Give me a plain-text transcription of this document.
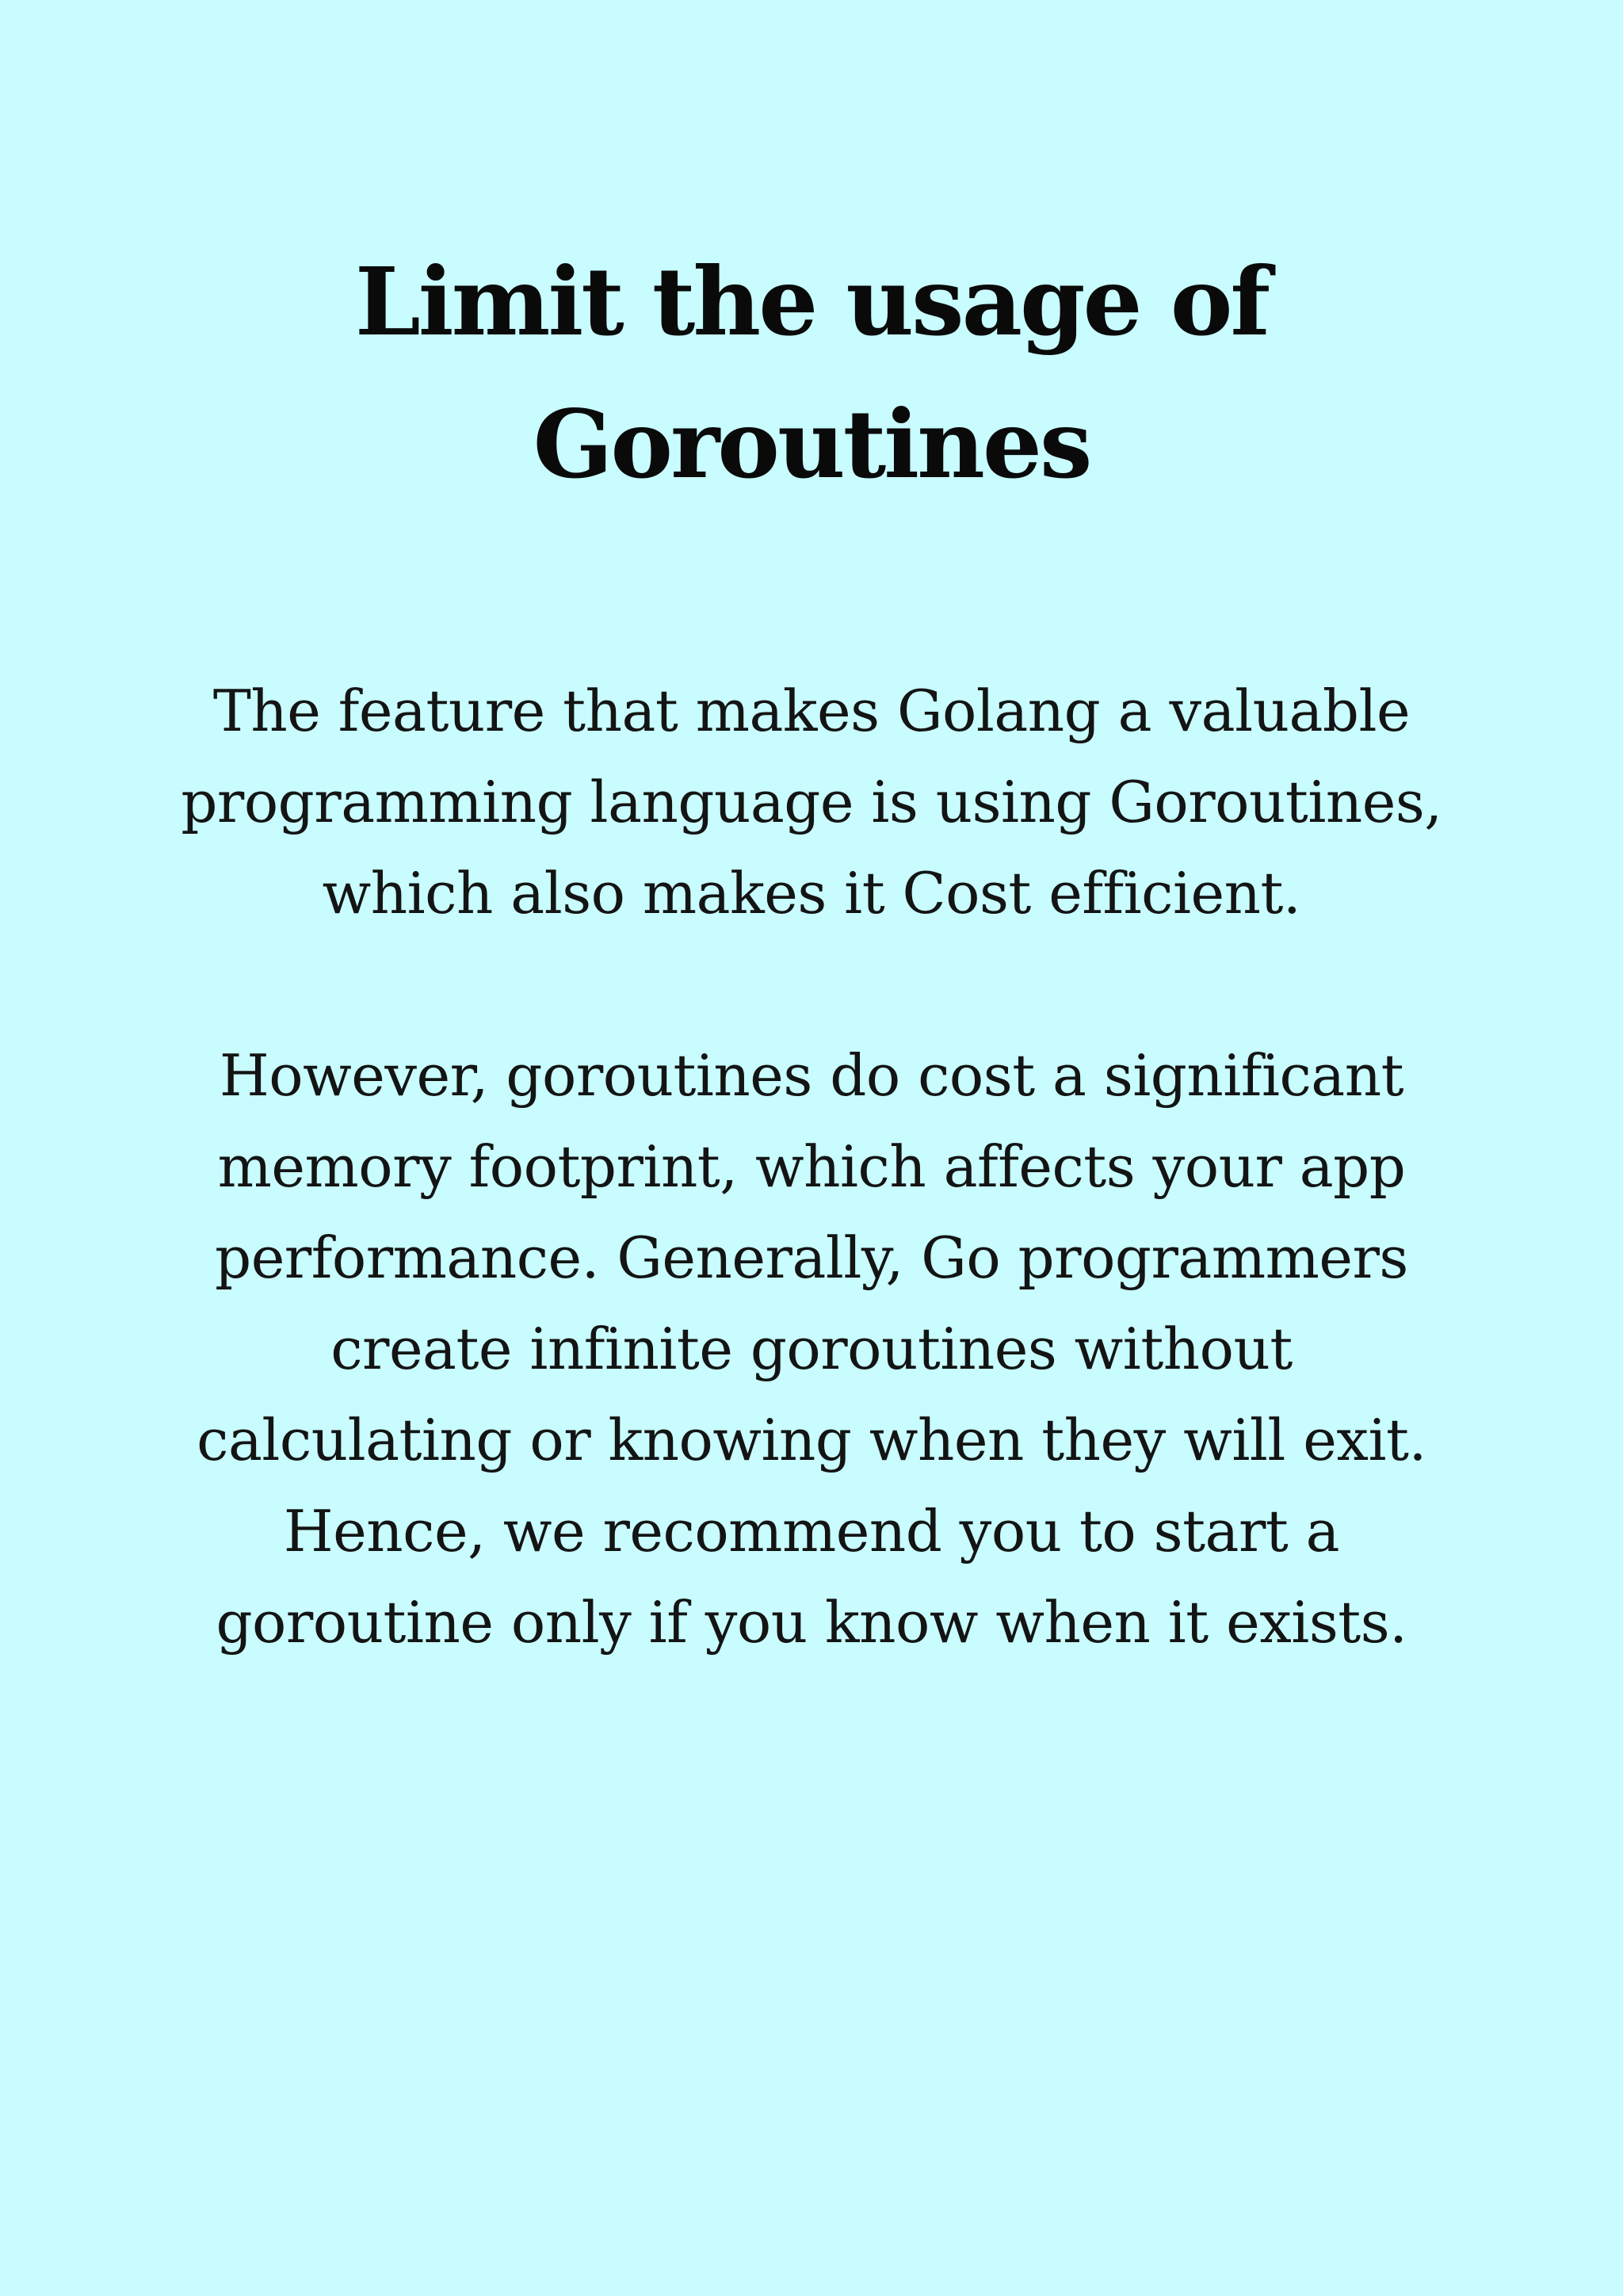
Limit the usage of
Goroutines
The feature that makes Golang a valuable
programming language is using Goroutines,
which also makes it Cost efficient.
However, goroutines do cost a significant
memory footprint, which affects your app
performance. Generally, Go programmers
create infinite goroutines without
calculating or knowing when they will exit.
Hence, we recommend you to start a
goroutine only if you know when it exists.
